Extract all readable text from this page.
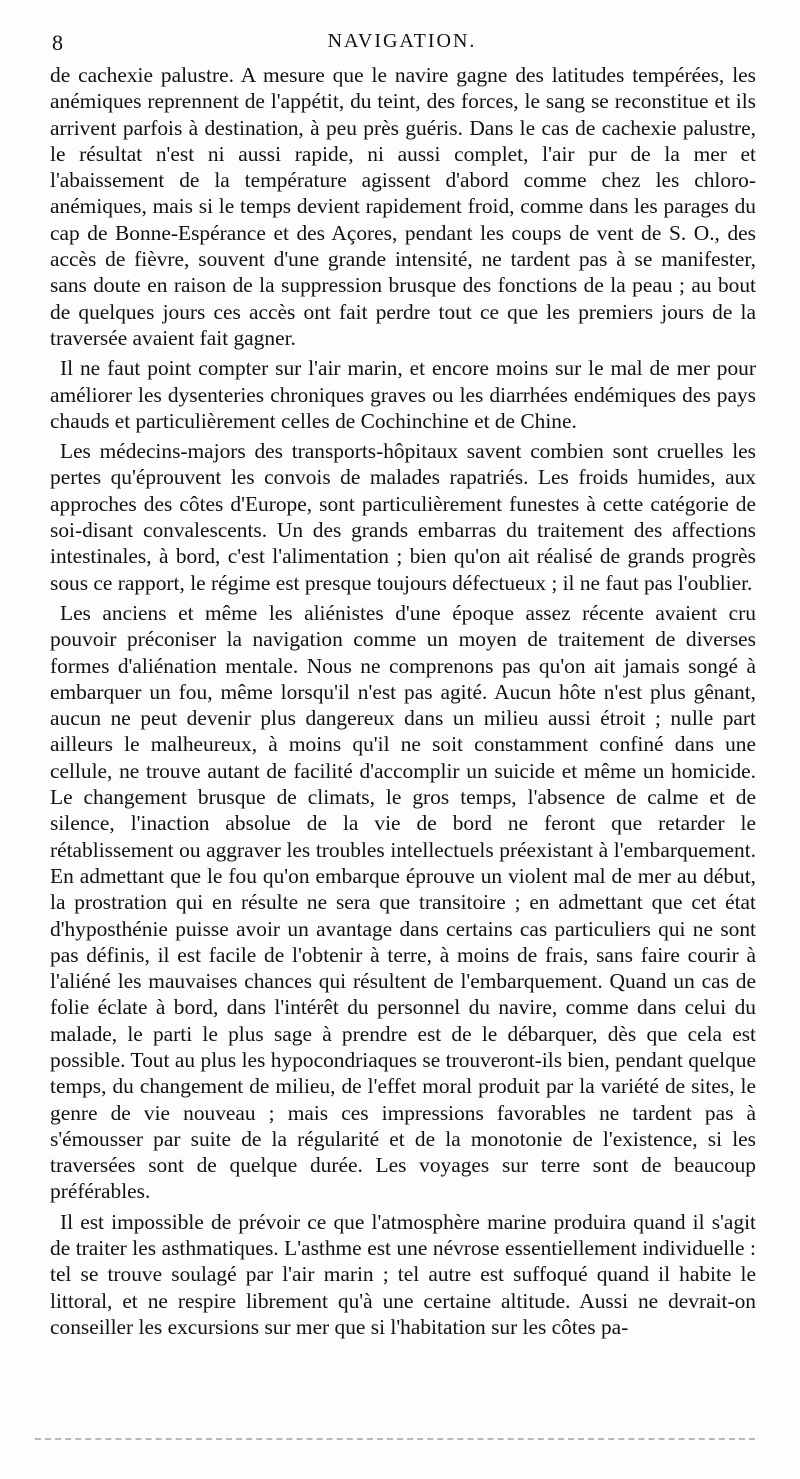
8	NAVIGATION.

de cachexie palustre. A mesure que le navire gagne des latitudes tempérées, les anémiques reprennent de l'appétit, du teint, des forces, le sang se reconstitue et ils arrivent parfois à destination, à peu près guéris. Dans le cas de cachexie palustre, le résultat n'est ni aussi rapide, ni aussi complet, l'air pur de la mer et l'abaissement de la température agissent d'abord comme chez les chloro-anémiques, mais si le temps devient rapidement froid, comme dans les parages du cap de Bonne-Espérance et des Açores, pendant les coups de vent de S. O., des accès de fièvre, souvent d'une grande intensité, ne tardent pas à se manifester, sans doute en raison de la suppression brusque des fonctions de la peau ; au bout de quelques jours ces accès ont fait perdre tout ce que les premiers jours de la traversée avaient fait gagner.

Il ne faut point compter sur l'air marin, et encore moins sur le mal de mer pour améliorer les dysenteries chroniques graves ou les diarrhées endémiques des pays chauds et particulièrement celles de Cochinchine et de Chine.

Les médecins-majors des transports-hôpitaux savent combien sont cruelles les pertes qu'éprouvent les convois de malades rapatriés. Les froids humides, aux approches des côtes d'Europe, sont particulièrement funestes à cette catégorie de soi-disant convalescents. Un des grands embarras du traitement des affections intestinales, à bord, c'est l'alimentation ; bien qu'on ait réalisé de grands progrès sous ce rapport, le régime est presque toujours défectueux ; il ne faut pas l'oublier.

Les anciens et même les aliénistes d'une époque assez récente avaient cru pouvoir préconiser la navigation comme un moyen de traitement de diverses formes d'aliénation mentale. Nous ne comprenons pas qu'on ait jamais songé à embarquer un fou, même lorsqu'il n'est pas agité. Aucun hôte n'est plus gênant, aucun ne peut devenir plus dangereux dans un milieu aussi étroit ; nulle part ailleurs le malheureux, à moins qu'il ne soit constamment confiné dans une cellule, ne trouve autant de facilité d'accomplir un suicide et même un homicide. Le changement brusque de climats, le gros temps, l'absence de calme et de silence, l'inaction absolue de la vie de bord ne feront que retarder le rétablissement ou aggraver les troubles intellectuels préexistant à l'embarquement. En admettant que le fou qu'on embarque éprouve un violent mal de mer au début, la prostration qui en résulte ne sera que transitoire ; en admettant que cet état d'hyposthénie puisse avoir un avantage dans certains cas particuliers qui ne sont pas définis, il est facile de l'obtenir à terre, à moins de frais, sans faire courir à l'aliéné les mauvaises chances qui résultent de l'embarquement. Quand un cas de folie éclate à bord, dans l'intérêt du personnel du navire, comme dans celui du malade, le parti le plus sage à prendre est de le débarquer, dès que cela est possible. Tout au plus les hypocondriaques se trouveront-ils bien, pendant quelque temps, du changement de milieu, de l'effet moral produit par la variété de sites, le genre de vie nouveau ; mais ces impressions favorables ne tardent pas à s'émousser par suite de la régularité et de la monotonie de l'existence, si les traversées sont de quelque durée. Les voyages sur terre sont de beaucoup préférables.

Il est impossible de prévoir ce que l'atmosphère marine produira quand il s'agit de traiter les asthmatiques. L'asthme est une névrose essentiellement individuelle : tel se trouve soulagé par l'air marin ; tel autre est suffoqué quand il habite le littoral, et ne respire librement qu'à une certaine altitude. Aussi ne devrait-on conseiller les excursions sur mer que si l'habitation sur les côtes pa-
